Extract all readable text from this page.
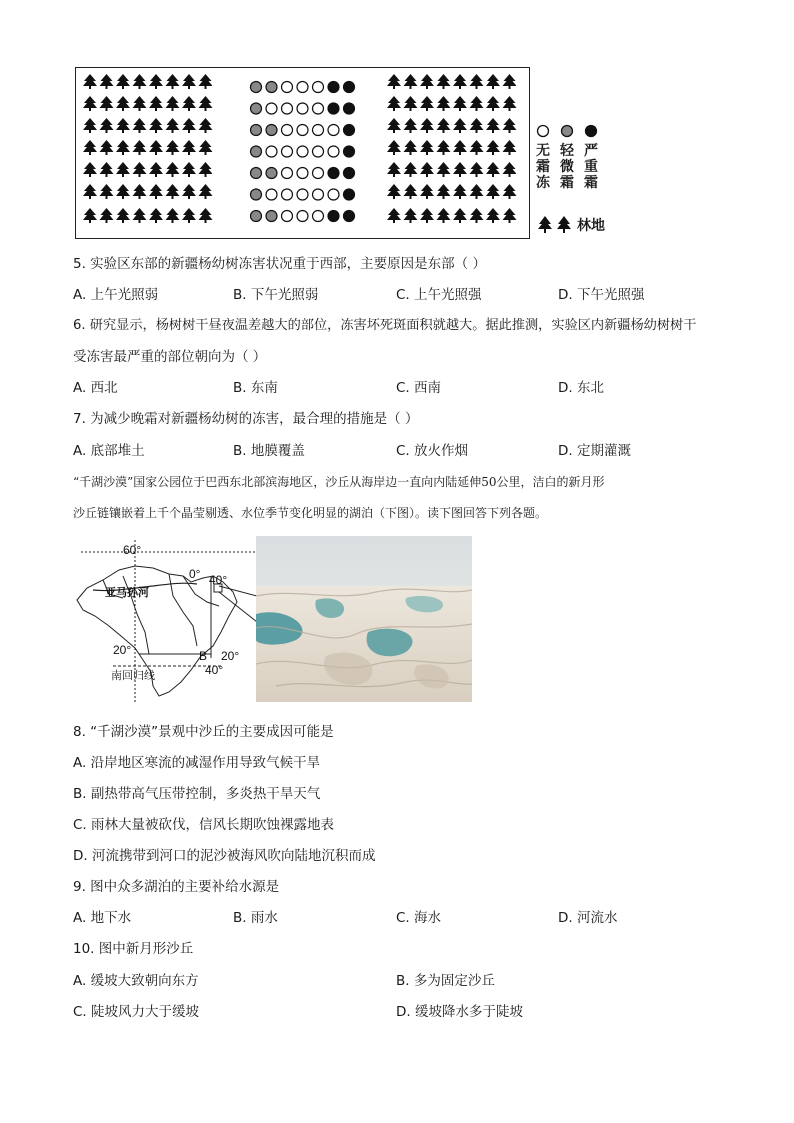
无
霜
冻
轻
微
霜
严
重
霜
林地
5. 实验区东部的新疆杨幼树冻害状况重于西部，主要原因是东部（ ）
A. 上午光照弱	B. 下午光照弱	C. 上午光照强	D. 下午光照强
6. 研究显示，杨树树干昼夜温差越大的部位，冻害坏死斑面积就越大。据此推测，实验区内新疆杨幼树树干
受冻害最严重的部位朝向为（ ）
A. 西北	B. 东南	C. 西南	D. 东北
7. 为减少晚霜对新疆杨幼树的冻害，最合理的措施是（ ）
A. 底部堆土	B. 地膜覆盖	C. 放火作烟	D. 定期灌溉
“千湖沙漠”国家公园位于巴西东北部滨海地区，沙丘从海岸边一直向内陆延伸50公里，洁白的新月形
沙丘链镶嵌着上千个晶莹剔透、水位季节变化明显的湖泊（下图）。读下图回答下列各题。
60°
0° 40°
20°	20°
40°
B
南回归线
亚马孙河
8. “千湖沙漠”景观中沙丘的主要成因可能是
A. 沿岸地区寒流的减湿作用导致气候干旱
B. 副热带高气压带控制，多炎热干旱天气
C. 雨林大量被砍伐，信风长期吹蚀裸露地表
D. 河流携带到河口的泥沙被海风吹向陆地沉积而成
9. 图中众多湖泊的主要补给水源是
A. 地下水	B. 雨水	C. 海水	D. 河流水
10. 图中新月形沙丘
A. 缓坡大致朝向东方	B. 多为固定沙丘
C. 陡坡风力大于缓坡	D. 缓坡降水多于陡坡
